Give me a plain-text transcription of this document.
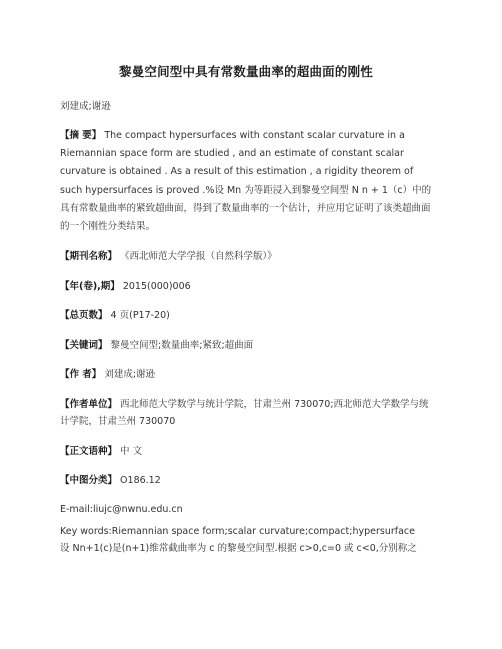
黎曼空间型中具有常数量曲率的超曲面的刚性
刘建成;谢逊
【摘 要】 The compact hypersurfaces with constant scalar curvature in a Riemannian space form are studied , and an estimate of constant scalar curvature is obtained . As a result of this estimation , a rigidity theorem of such hypersurfaces is proved .%设 Mn 为等距浸入到黎曼空间型 N n + 1（c）中的具有常数量曲率的紧致超曲面，得到了数量曲率的一个估计，并应用它证明了该类超曲面的一个刚性分类结果。
【期刊名称】 《西北师范大学学报（自然科学版）》
【年(卷),期】 2015(000)006
【总页数】 4 页(P17-20)
【关键词】 黎曼空间型;数量曲率;紧致;超曲面
【作 者】 刘建成;谢逊
【作者单位】 西北师范大学数学与统计学院，甘肃兰州 730070;西北师范大学数学与统计学院，甘肃兰州 730070
【正文语种】 中 文
【中图分类】 O186.12
E-mail:liujc@nwnu.edu.cn
Key words:Riemannian space form;scalar curvature;compact;hypersurface
设 Nn+1(c)是(n+1)维常截曲率为 c 的黎曼空间型.根据 c>0,c=0 或 c<0,分别称之
